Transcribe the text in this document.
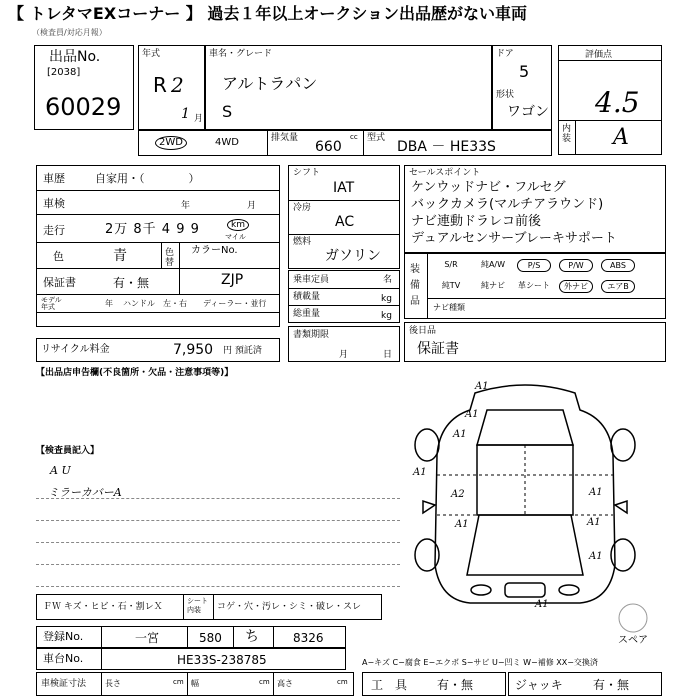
【 トレタマEXコーナー 】 過去１年以上オークション出品歴がない車両
（検査員/対応月報）
出品No.
[2038]
60029
年式
R 2
1 月
車名・グレード
アルトラパン
S
ドア
5
形状
ワゴン
評価点
4.5
内装 A
2WD	4WD	排気量	cc
660
型式
DBA － HE33S
車歴	自家用・（　　　　）
車検	年	月
走行	2万 8千 4 9 9	km
マイル
色	青	色替
カラーNo.
ZJP
保証書	有・無
モデル年式	年 ハンドル　左・右 ディーラー・並行
リサイクル料金	7,950 円 預託済
シフト
IAT
冷房
AC
燃料
ガソリン
乗車定員	名
積載量	kg
総重量	kg
書類期限
月	日
セールスポイント
ケンウッドナビ・フルセグ
バックカメラ(マルチアラウンド)
ナビ連動ドラレコ前後
デュアルセンサーブレーキサポート
装備品
S/R	純A/W	P/S	P/W	ABS
純TV	純ナビ	革シート	外ナビ	エアB
ナビ種類
後日品
保証書
【出品店申告欄(不良箇所・欠品・注意事項等)】
【検査員記入】
A U
ミラーカバーA
A1
A1
A2
A1
A1
A1
A1
A1
A1
A1
スペア
ＦＷ キズ・ヒビ・石・割レＸ
シート内装	コゲ・穴・汚レ・シミ・破レ・スレ
登録No.	一宮	580 ち	8326
車台No.	HE33S-238785	A−キズ C−腐食 E−エクボ S−サビ U−凹ミ W−補修 XX−交換済
車検証寸法 長さ	cm 幅	cm 高さ	cm 工　具 有・無	ジャッキ	有・無
